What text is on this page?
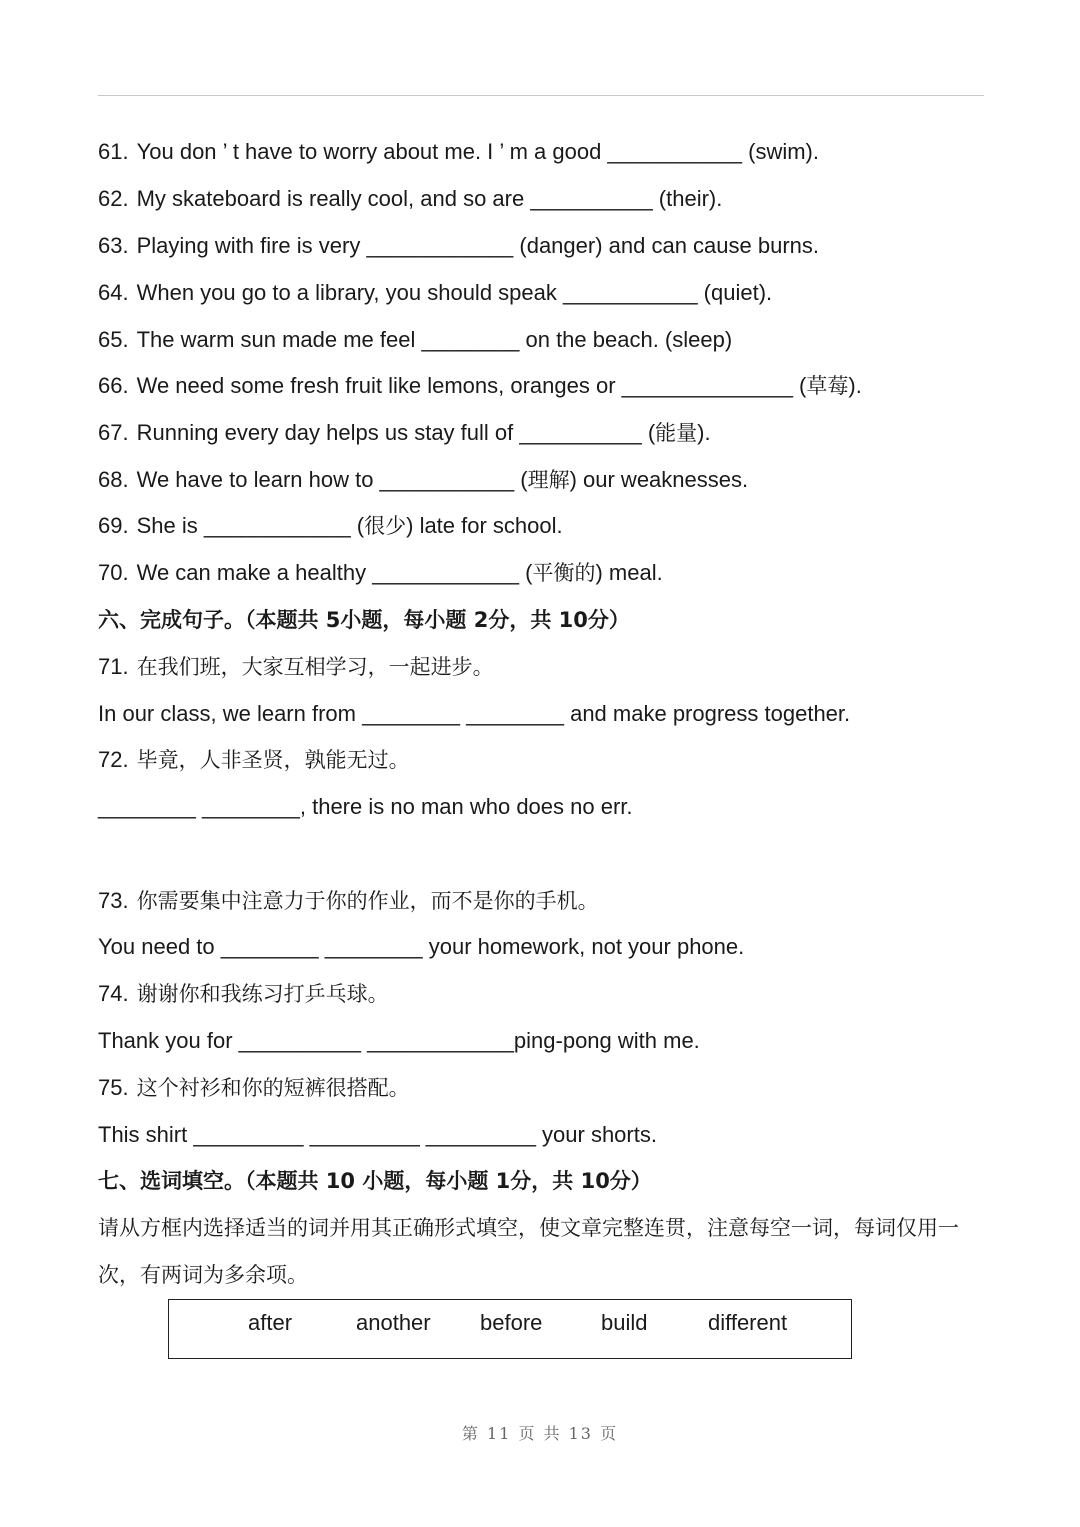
61. You don ’ t have to worry about me. I ’ m a good ___________ (swim).
62. My skateboard is really cool, and so are __________ (their).
63. Playing with fire is very ____________ (danger) and can cause burns.
64. When you go to a library, you should speak ___________ (quiet).
65. The warm sun made me feel ________ on the beach. (sleep)
66. We need some fresh fruit like lemons, oranges or ______________ (草莓).
67. Running every day helps us stay full of __________ (能量).
68. We have to learn how to ___________ (理解) our weaknesses.
69. She is ____________ (很少) late for school.
70. We can make a healthy ____________ (平衡的) meal.
六、完成句子。（本题共 5小题，每小题 2分，共 10分）
71. 在我们班，大家互相学习，一起进步。
In our class, we learn from ________ ________ and make progress together.
72. 毕竟，人非圣贤，孰能无过。
________ ________, there is no man who does no err.
73. 你需要集中注意力于你的作业，而不是你的手机。
You need to ________ ________ your homework, not your phone.
74. 谢谢你和我练习打乒乓球。
Thank you for __________ ____________ping-pong with me.
75. 这个衬衫和你的短裤很搭配。
This shirt _________ _________ _________ your shorts.
七、选词填空。（本题共 10 小题，每小题 1分，共 10分）
请从方框内选择适当的词并用其正确形式填空，使文章完整连贯，注意每空一词，每词仅用一次，有两词为多余项。
after	another before	build	different
第 11 页 共 13 页
